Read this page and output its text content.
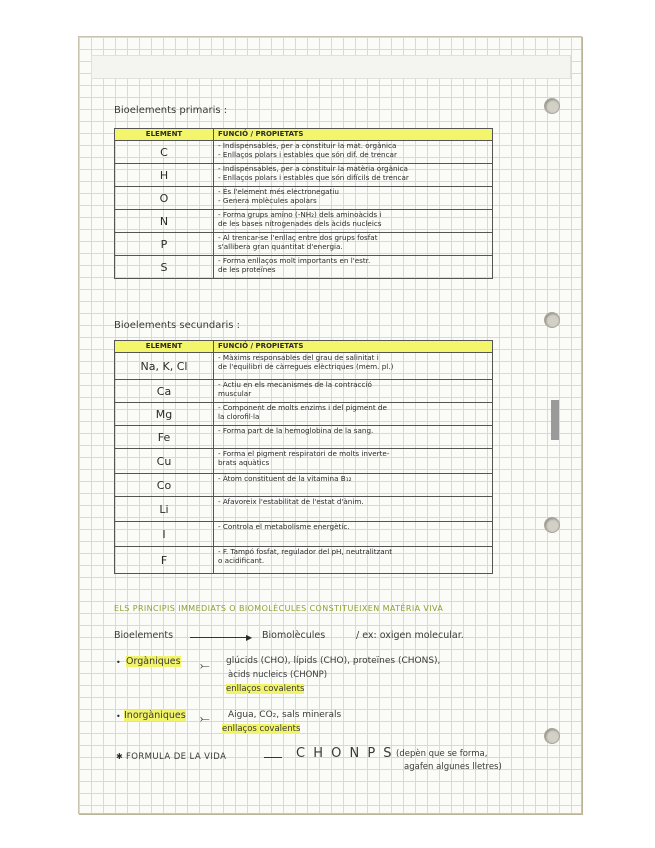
Bioelements primaris :
ELEMENT	FUNCIÓ / PROPIETATS
C	- Indispensables, per a constituir la mat. orgànica
- Enllaços polars i estables que són dif. de trencar

H	- Indispensables, per a constituir la matèria orgànica
- Enllaços polars i estables que són difícils de trencar

O	- És l'element més electronegatiu
- Genera molècules apolars

N	- Forma grups amino (-NH₂) dels aminoàcids i
de les bases nitrogenades dels àcids nucleics

P	- Al trencar-se l'enllaç entre dos grups fosfat
s'allibera gran quantitat d'energia.

S	- Forma enllaços molt importants en l'estr.
de les proteïnes
Bioelements secundaris :
ELEMENT	FUNCIÓ / PROPIETATS
Na, K, Cl	- Màxims responsables del grau de salinitat i
de l'equilibri de càrregues elèctriques (mem. pl.)

Ca	- Actiu en els mecanismes de la contracció
muscular

Mg	- Component de molts enzims i del pigment de
la clorofil·la

Fe	- Forma part de la hemoglobina de la sang.

Cu	- Forma el pigment respiratori de molts inverte-
brats aquàtics

Co	- Àtom constituent de la vitamina B₁₂

Li	- Afavoreix l'estabilitat de l'estat d'ànim.

I	- Controla el metabolisme energètic.

F	- F. Tampó fosfat, regulador del pH, neutralitzant
o acidificant.
ELS PRINCIPIS IMMEDIATS O BIOMOLÈCULES CONSTITUEIXEN MATÈRIA VIVA
Bioelements	▶ Biomolècules	/ ex: oxigen molecular.
• Orgàniques ⤚ glúcids (CHO), lípids (CHO), proteïnes (CHONS),
àcids nucleics (CHONP)
enllaços covalents
• Inorgàniques ⤚ Aigua, CO₂, sals minerals
enllaços covalents
✱ FORMULA DE LA VIDA	C H O N P S (depèn que se forma,
agafen algunes lletres)
